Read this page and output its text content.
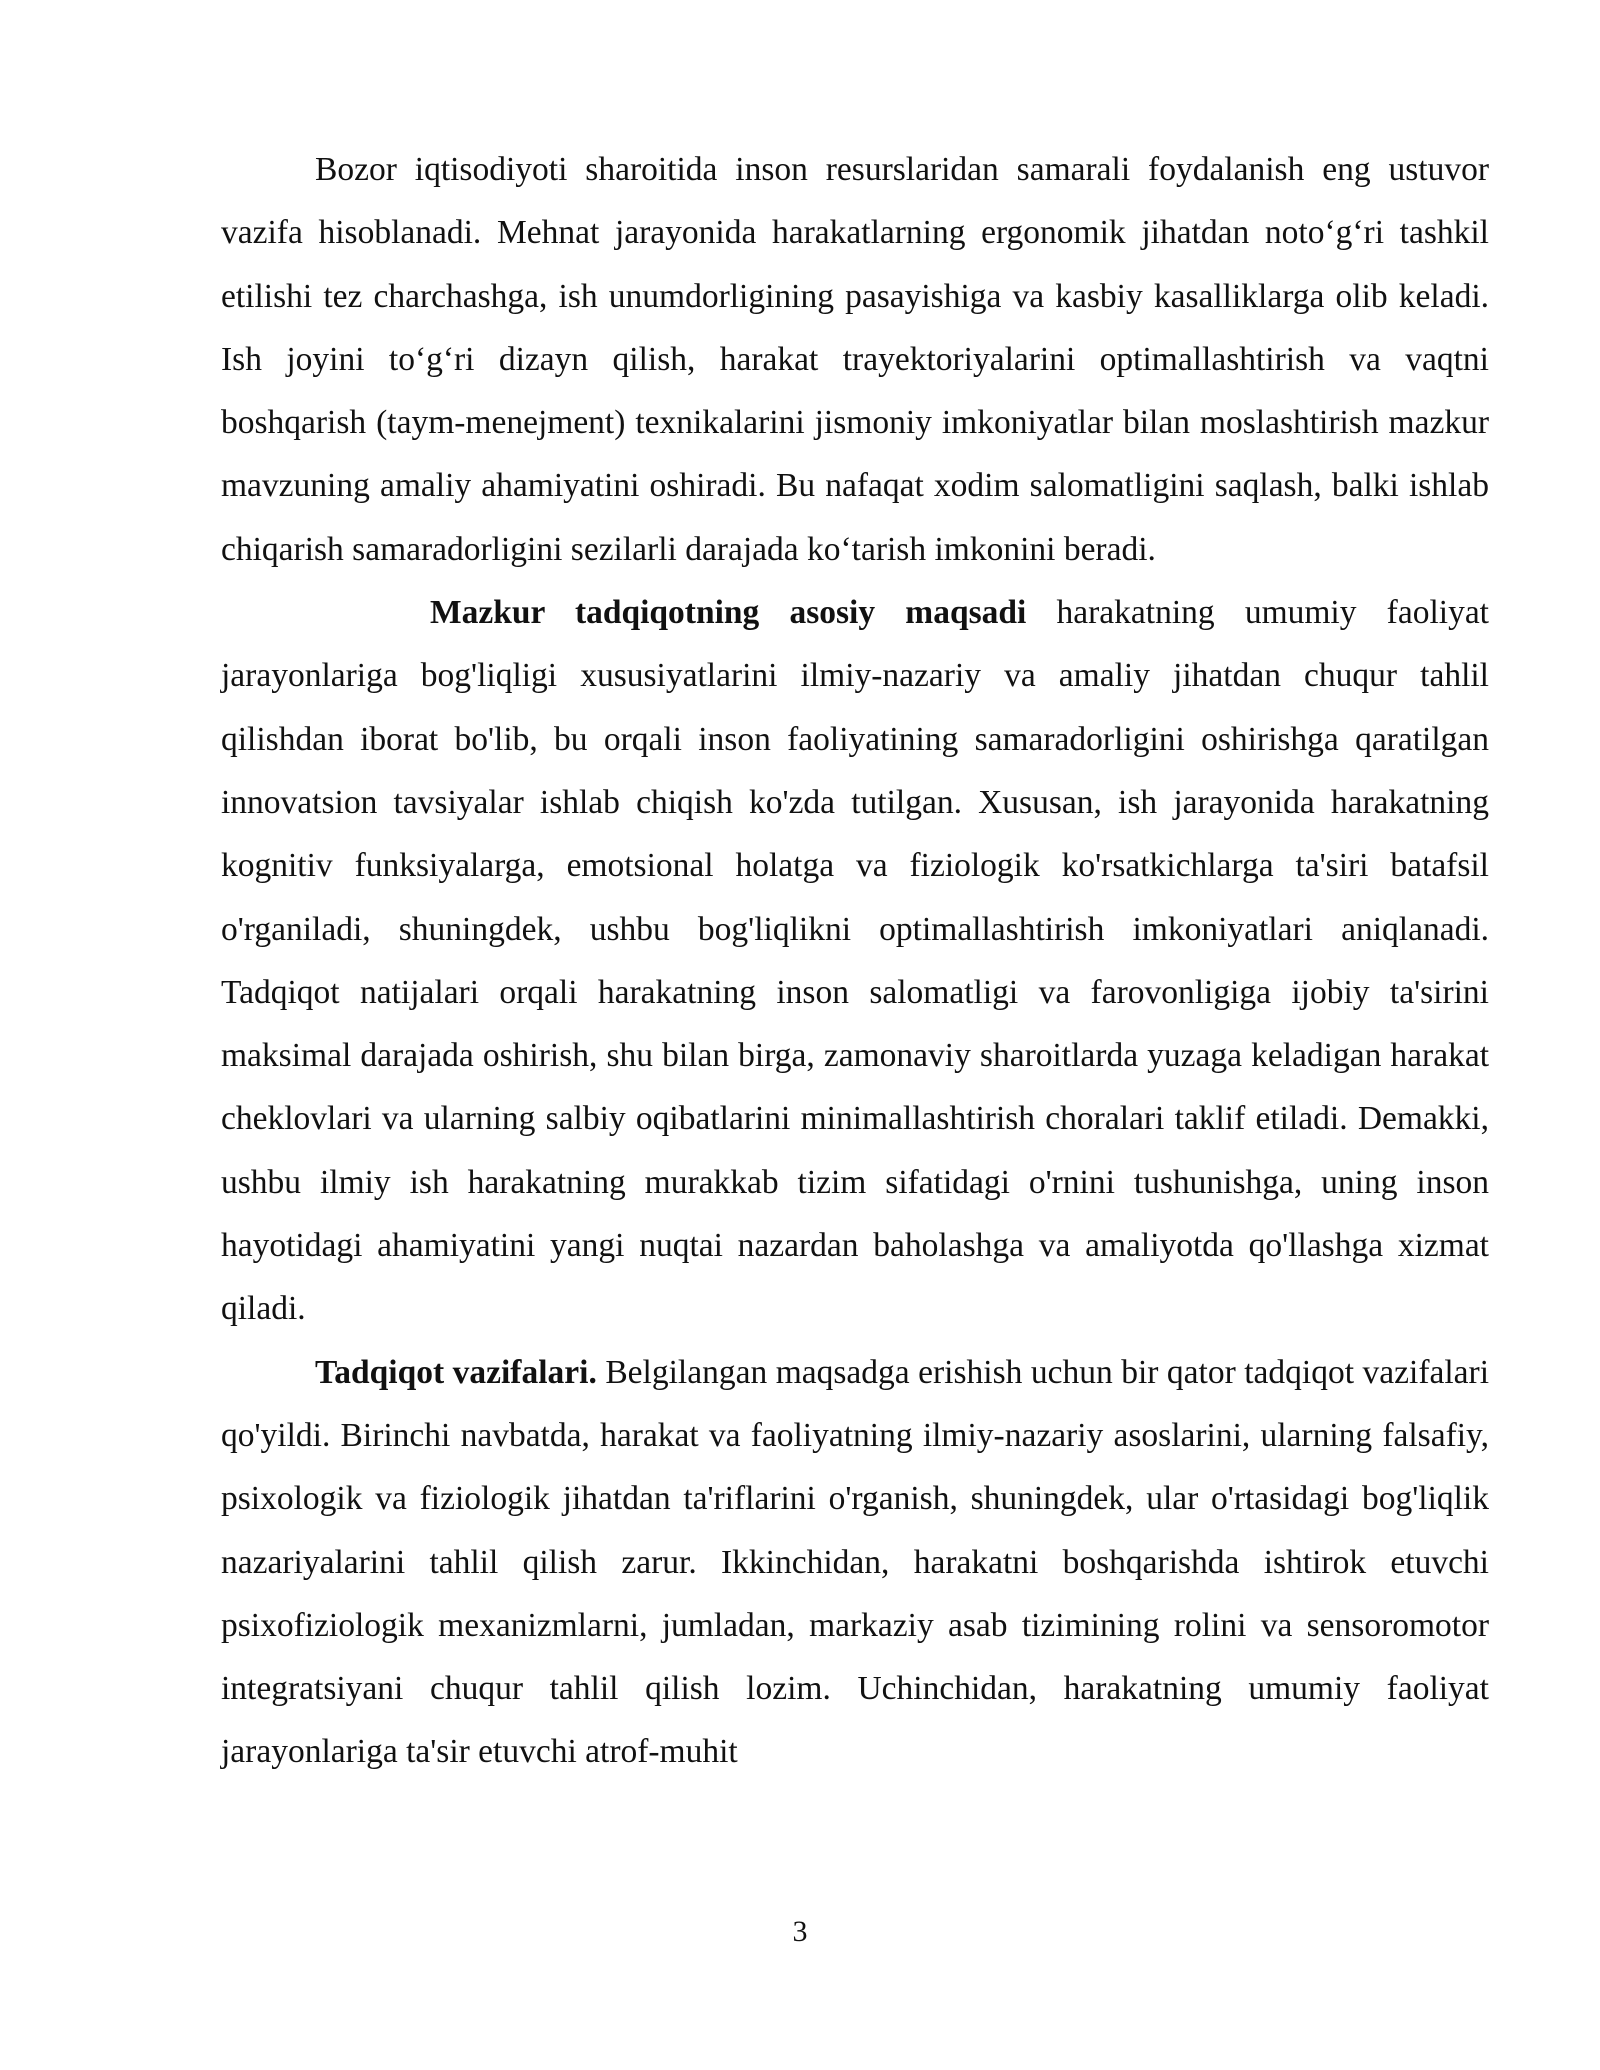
Bozor iqtisodiyoti sharoitida inson resurslaridan samarali foydalanish eng ustuvor vazifa hisoblanadi. Mehnat jarayonida harakatlarning ergonomik jihatdan noto‘g‘ri tashkil etilishi tez charchashga, ish unumdorligining pasayishiga va kasbiy kasalliklarga olib keladi. Ish joyini to‘g‘ri dizayn qilish, harakat trayektoriyalarini optimallashtirish va vaqtni boshqarish (taym-menejment) texnikalarini jismoniy imkoniyatlar bilan moslashtirish mazkur mavzuning amaliy ahamiyatini oshiradi. Bu nafaqat xodim salomatligini saqlash, balki ishlab chiqarish samaradorligini sezilarli darajada ko‘tarish imkonini beradi.

Mazkur tadqiqotning asosiy maqsadi harakatning umumiy faoliyat jarayonlariga bog'liqligi xususiyatlarini ilmiy-nazariy va amaliy jihatdan chuqur tahlil qilishdan iborat bo'lib, bu orqali inson faoliyatining samaradorligini oshirishga qaratilgan innovatsion tavsiyalar ishlab chiqish ko'zda tutilgan. Xususan, ish jarayonida harakatning kognitiv funksiyalarga, emotsional holatga va fiziologik ko'rsatkichlarga ta'siri batafsil o'rganiladi, shuningdek, ushbu bog'liqlikni optimallashtirish imkoniyatlari aniqlanadi. Tadqiqot natijalari orqali harakatning inson salomatligi va farovonligiga ijobiy ta'sirini maksimal darajada oshirish, shu bilan birga, zamonaviy sharoitlarda yuzaga keladigan harakat cheklovlari va ularning salbiy oqibatlarini minimallashtirish choralari taklif etiladi. Demakki, ushbu ilmiy ish harakatning murakkab tizim sifatidagi o'rnini tushunishga, uning inson hayotidagi ahamiyatini yangi nuqtai nazardan baholashga va amaliyotda qo'llashga xizmat qiladi.

Tadqiqot vazifalari. Belgilangan maqsadga erishish uchun bir qator tadqiqot vazifalari qo'yildi. Birinchi navbatda, harakat va faoliyatning ilmiy-nazariy asoslarini, ularning falsafiy, psixologik va fiziologik jihatdan ta'riflarini o'rganish, shuningdek, ular o'rtasidagi bog'liqlik nazariyalarini tahlil qilish zarur. Ikkinchidan, harakatni boshqarishda ishtirok etuvchi psixofiziologik mexanizmlarni, jumladan, markaziy asab tizimining rolini va sensoromotor integratsiyani chuqur tahlil qilish lozim. Uchinchidan, harakatning umumiy faoliyat jarayonlariga ta'sir etuvchi atrof-muhit

3
